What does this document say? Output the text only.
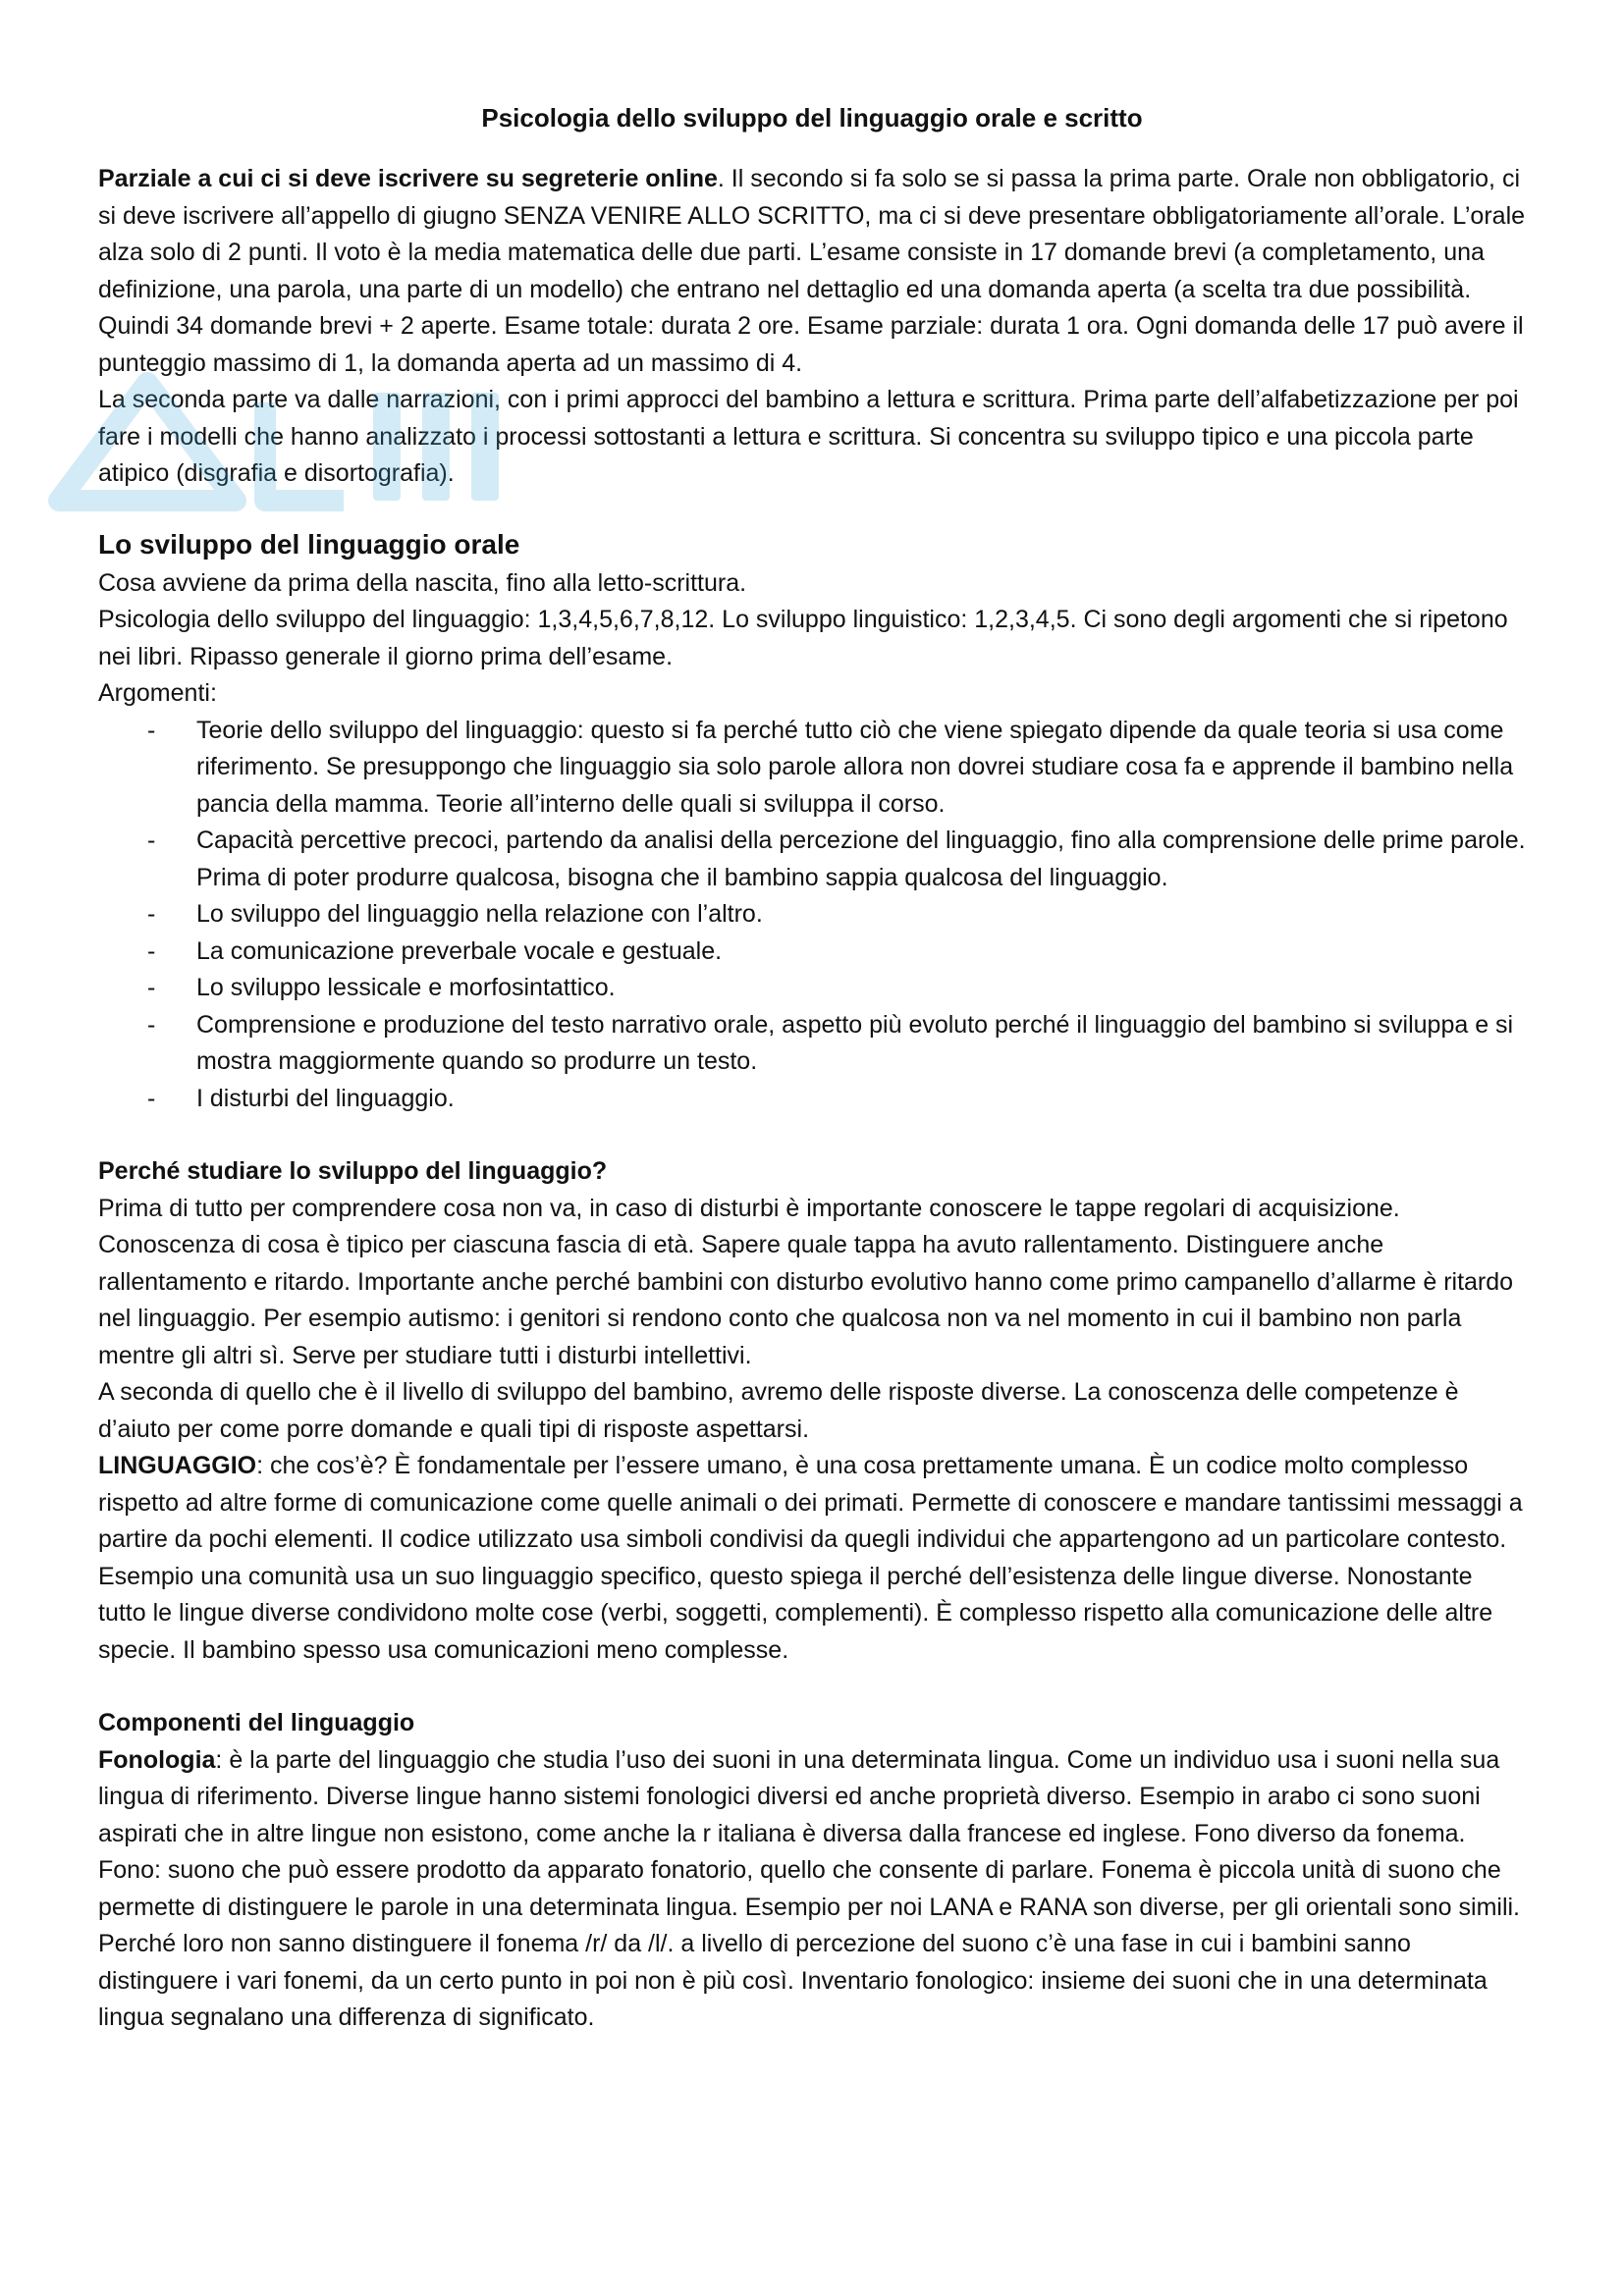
Psicologia dello sviluppo del linguaggio orale e scritto

Parziale a cui ci si deve iscrivere su segreterie online. Il secondo si fa solo se si passa la prima parte. Orale non obbligatorio, ci si deve iscrivere all’appello di giugno SENZA VENIRE ALLO SCRITTO, ma ci si deve presentare obbligatoriamente all’orale. L’orale alza solo di 2 punti. Il voto è la media matematica delle due parti. L’esame consiste in 17 domande brevi (a completamento, una definizione, una parola, una parte di un modello) che entrano nel dettaglio ed una domanda aperta (a scelta tra due possibilità. Quindi 34 domande brevi + 2 aperte. Esame totale: durata 2 ore. Esame parziale: durata 1 ora. Ogni domanda delle 17 può avere il punteggio massimo di 1, la domanda aperta ad un massimo di 4.

La seconda parte va dalle narrazioni, con i primi approcci del bambino a lettura e scrittura. Prima parte dell’alfabetizzazione per poi fare i modelli che hanno analizzato i processi sottostanti a lettura e scrittura. Si concentra su sviluppo tipico e una piccola parte atipico (disgrafia e disortografia).

Lo sviluppo del linguaggio orale

Cosa avviene da prima della nascita, fino alla letto-scrittura.

Psicologia dello sviluppo del linguaggio: 1,3,4,5,6,7,8,12. Lo sviluppo linguistico: 1,2,3,4,5. Ci sono degli argomenti che si ripetono nei libri. Ripasso generale il giorno prima dell’esame.

Argomenti:

- Teorie dello sviluppo del linguaggio: questo si fa perché tutto ciò che viene spiegato dipende da quale teoria si usa come riferimento. Se presuppongo che linguaggio sia solo parole allora non dovrei studiare cosa fa e apprende il bambino nella pancia della mamma. Teorie all’interno delle quali si sviluppa il corso.
- Capacità percettive precoci, partendo da analisi della percezione del linguaggio, fino alla comprensione delle prime parole. Prima di poter produrre qualcosa, bisogna che il bambino sappia qualcosa del linguaggio.
- Lo sviluppo del linguaggio nella relazione con l’altro.
- La comunicazione preverbale vocale e gestuale.
- Lo sviluppo lessicale e morfosintattico.
- Comprensione e produzione del testo narrativo orale, aspetto più evoluto perché il linguaggio del bambino si sviluppa e si mostra maggiormente quando so produrre un testo.
- I disturbi del linguaggio.
Perché studiare lo sviluppo del linguaggio?

Prima di tutto per comprendere cosa non va, in caso di disturbi è importante conoscere le tappe regolari di acquisizione. Conoscenza di cosa è tipico per ciascuna fascia di età. Sapere quale tappa ha avuto rallentamento. Distinguere anche rallentamento e ritardo. Importante anche perché bambini con disturbo evolutivo hanno come primo campanello d’allarme è ritardo nel linguaggio. Per esempio autismo: i genitori si rendono conto che qualcosa non va nel momento in cui il bambino non parla mentre gli altri sì. Serve per studiare tutti i disturbi intellettivi.

A seconda di quello che è il livello di sviluppo del bambino, avremo delle risposte diverse. La conoscenza delle competenze è d’aiuto per come porre domande e quali tipi di risposte aspettarsi.

LINGUAGGIO: che cos’è? È fondamentale per l’essere umano, è una cosa prettamente umana. È un codice molto complesso rispetto ad altre forme di comunicazione come quelle animali o dei primati. Permette di conoscere e mandare tantissimi messaggi a partire da pochi elementi. Il codice utilizzato usa simboli condivisi da quegli individui che appartengono ad un particolare contesto. Esempio una comunità usa un suo linguaggio specifico, questo spiega il perché dell’esistenza delle lingue diverse. Nonostante tutto le lingue diverse condividono molte cose (verbi, soggetti, complementi). È complesso rispetto alla comunicazione delle altre specie. Il bambino spesso usa comunicazioni meno complesse.

Componenti del linguaggio

Fonologia: è la parte del linguaggio che studia l’uso dei suoni in una determinata lingua. Come un individuo usa i suoni nella sua lingua di riferimento. Diverse lingue hanno sistemi fonologici diversi ed anche proprietà diverso. Esempio in arabo ci sono suoni aspirati che in altre lingue non esistono, come anche la r italiana è diversa dalla francese ed inglese. Fono diverso da fonema. Fono: suono che può essere prodotto da apparato fonatorio, quello che consente di parlare. Fonema è piccola unità di suono che permette di distinguere le parole in una determinata lingua. Esempio per noi LANA e RANA son diverse, per gli orientali sono simili. Perché loro non sanno distinguere il fonema /r/ da /l/. a livello di percezione del suono c’è una fase in cui i bambini sanno distinguere i vari fonemi, da un certo punto in poi non è più così. Inventario fonologico: insieme dei suoni che in una determinata lingua segnalano una differenza di significato.
